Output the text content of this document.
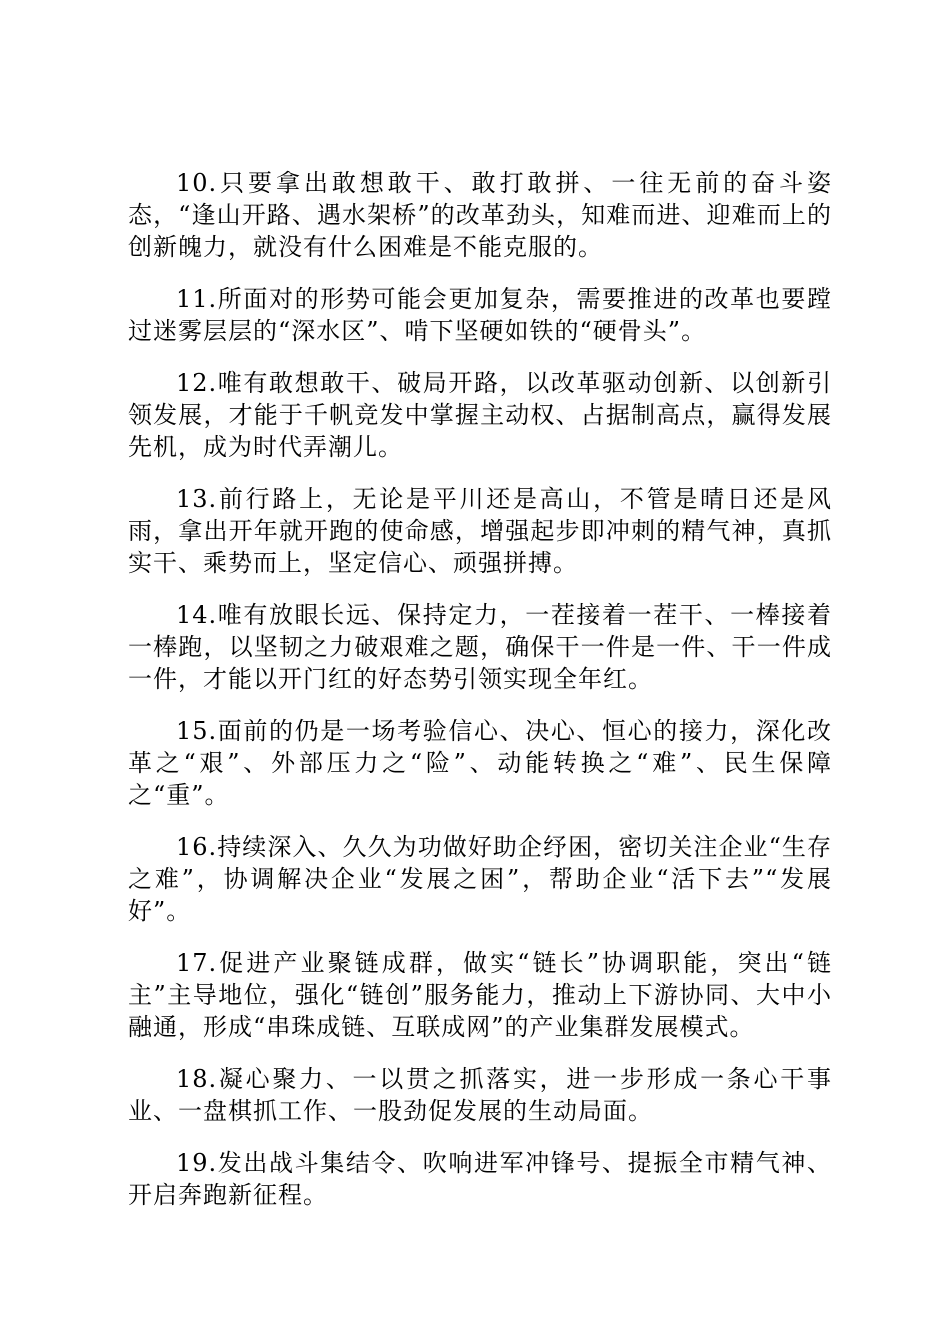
10.只要拿出敢想敢干、敢打敢拼、一往无前的奋斗姿态，“逢山开路、遇水架桥”的改革劲头，知难而进、迎难而上的创新魄力，就没有什么困难是不能克服的。

11.所面对的形势可能会更加复杂，需要推进的改革也要蹚过迷雾层层的“深水区”、啃下坚硬如铁的“硬骨头”。

12.唯有敢想敢干、破局开路，以改革驱动创新、以创新引领发展，才能于千帆竞发中掌握主动权、占据制高点，赢得发展先机，成为时代弄潮儿。

13.前行路上，无论是平川还是高山，不管是晴日还是风雨，拿出开年就开跑的使命感，增强起步即冲刺的精气神，真抓实干、乘势而上，坚定信心、顽强拼搏。

14.唯有放眼长远、保持定力，一茬接着一茬干、一棒接着一棒跑，以坚韧之力破艰难之题，确保干一件是一件、干一件成一件，才能以开门红的好态势引领实现全年红。

15.面前的仍是一场考验信心、决心、恒心的接力，深化改革之“艰”、外部压力之“险”、动能转换之“难”、民生保障之“重”。

16.持续深入、久久为功做好助企纾困，密切关注企业“生存之难”，协调解决企业“发展之困”，帮助企业“活下去”“发展好”。

17.促进产业聚链成群，做实“链长”协调职能，突出“链主”主导地位，强化“链创”服务能力，推动上下游协同、大中小融通，形成“串珠成链、互联成网”的产业集群发展模式。

18.凝心聚力、一以贯之抓落实，进一步形成一条心干事业、一盘棋抓工作、一股劲促发展的生动局面。

19.发出战斗集结令、吹响进军冲锋号、提振全市精气神、开启奔跑新征程。
